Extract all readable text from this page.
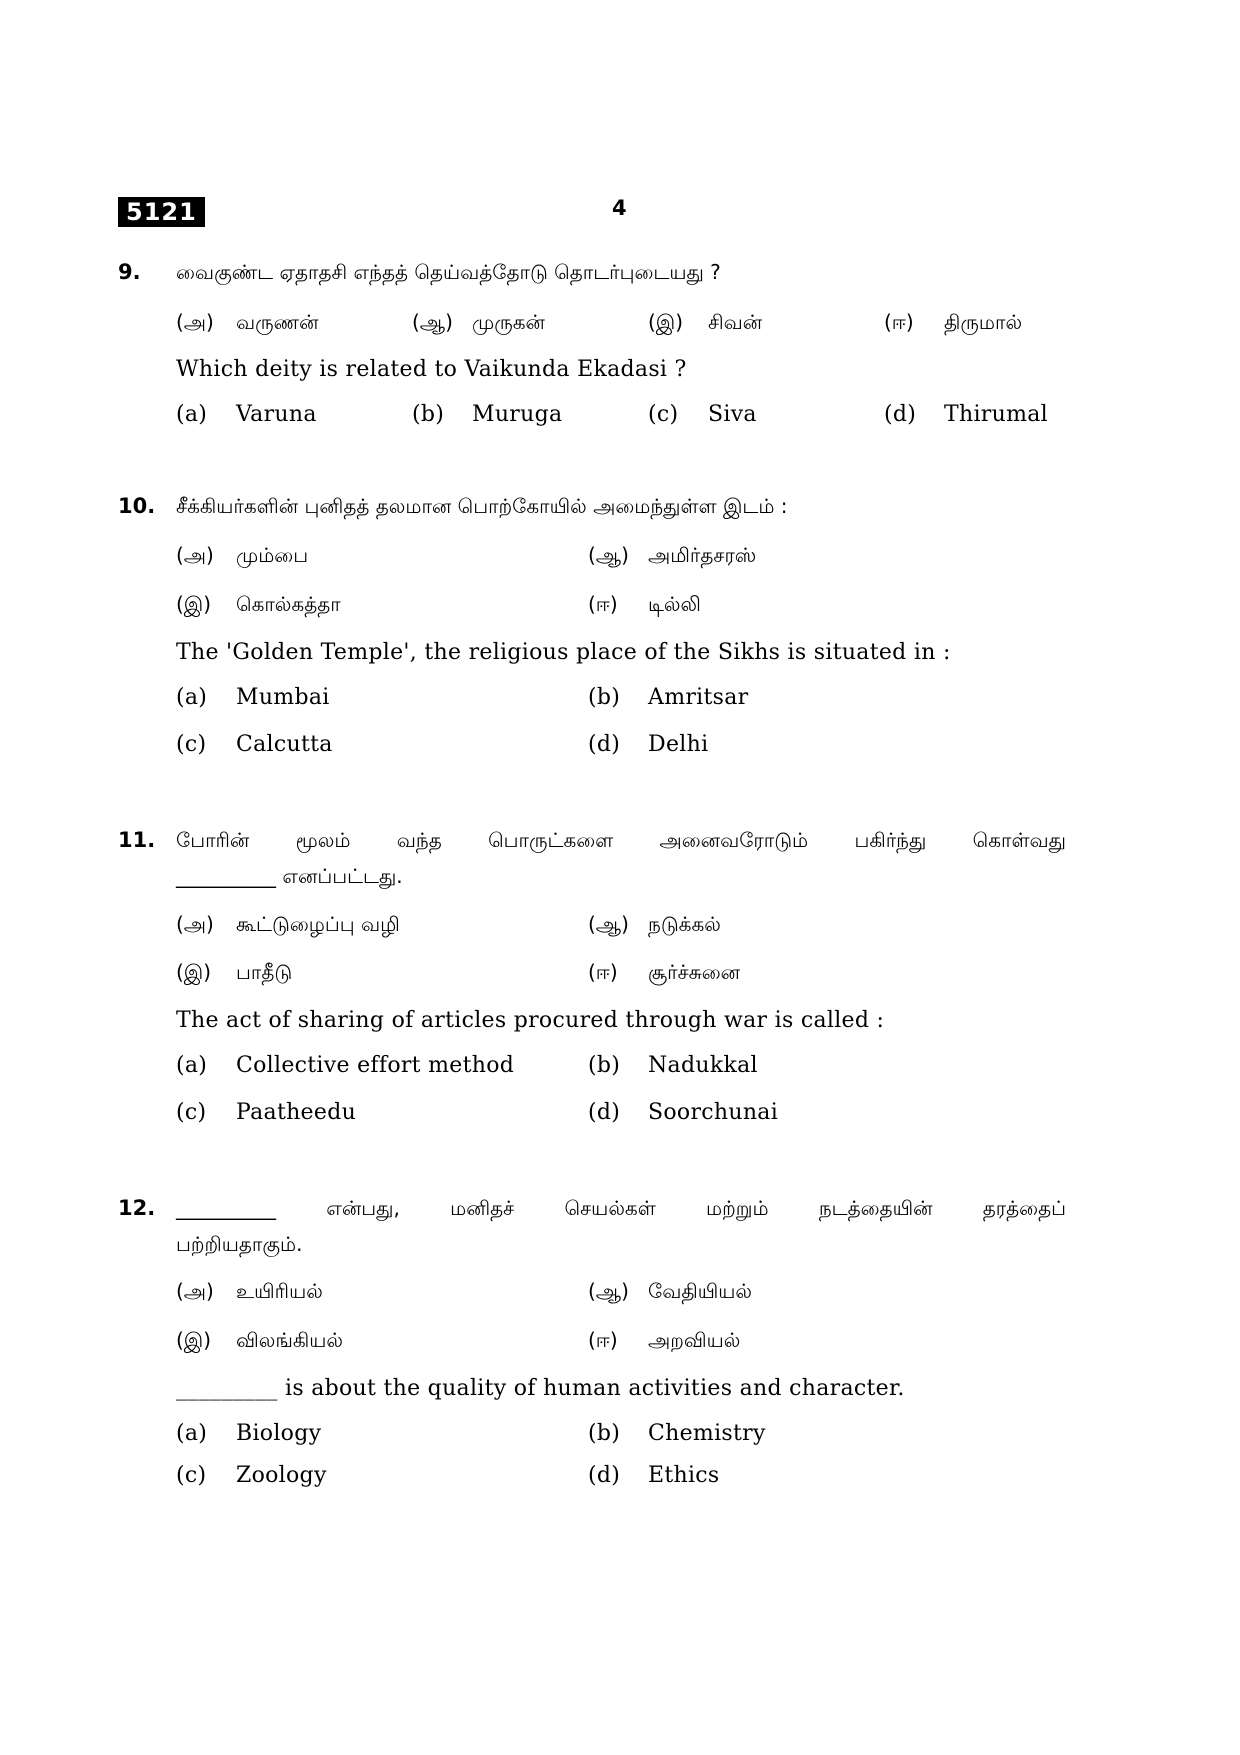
5121	4
9. வைகுண்ட ஏதாதசி எந்தத் தெய்வத்தோடு தொடர்புடையது ?
(அ) வருணன்	(ஆ) முருகன்	(இ) சிவன்	(ஈ) திருமால்
Which deity is related to Vaikunda Ekadasi ?
(a) Varuna	(b) Muruga	(c) Siva	(d) Thirumal
10. சீக்கியர்களின் புனிதத் தலமான பொற்கோயில் அமைந்துள்ள இடம் :
(அ) மும்பை	(ஆ) அமிர்தசரஸ்
(இ) கொல்கத்தா	(ஈ) டில்லி
The 'Golden Temple', the religious place of the Sikhs is situated in :
(a) Mumbai	(b) Amritsar
(c) Calcutta	(d) Delhi
11. போரின் மூலம் வந்த பொருட்களை அனைவரோடும் பகிர்ந்து கொள்வது
__________ எனப்பட்டது.
(அ) கூட்டுழைப்பு வழி	(ஆ) நடுக்கல்
(இ) பாதீடு	(ஈ) சூர்ச்சுனை
The act of sharing of articles procured through war is called :
(a) Collective effort method	(b) Nadukkal
(c) Paatheedu	(d) Soorchunai
12. __________ என்பது, மனிதச் செயல்கள் மற்றும் நடத்தையின் தரத்தைப்
பற்றியதாகும்.
(அ) உயிரியல்	(ஆ) வேதியியல்
(இ) விலங்கியல்	(ஈ) அறவியல்
_________ is about the quality of human activities and character.
(a) Biology	(b) Chemistry
(c) Zoology	(d) Ethics
